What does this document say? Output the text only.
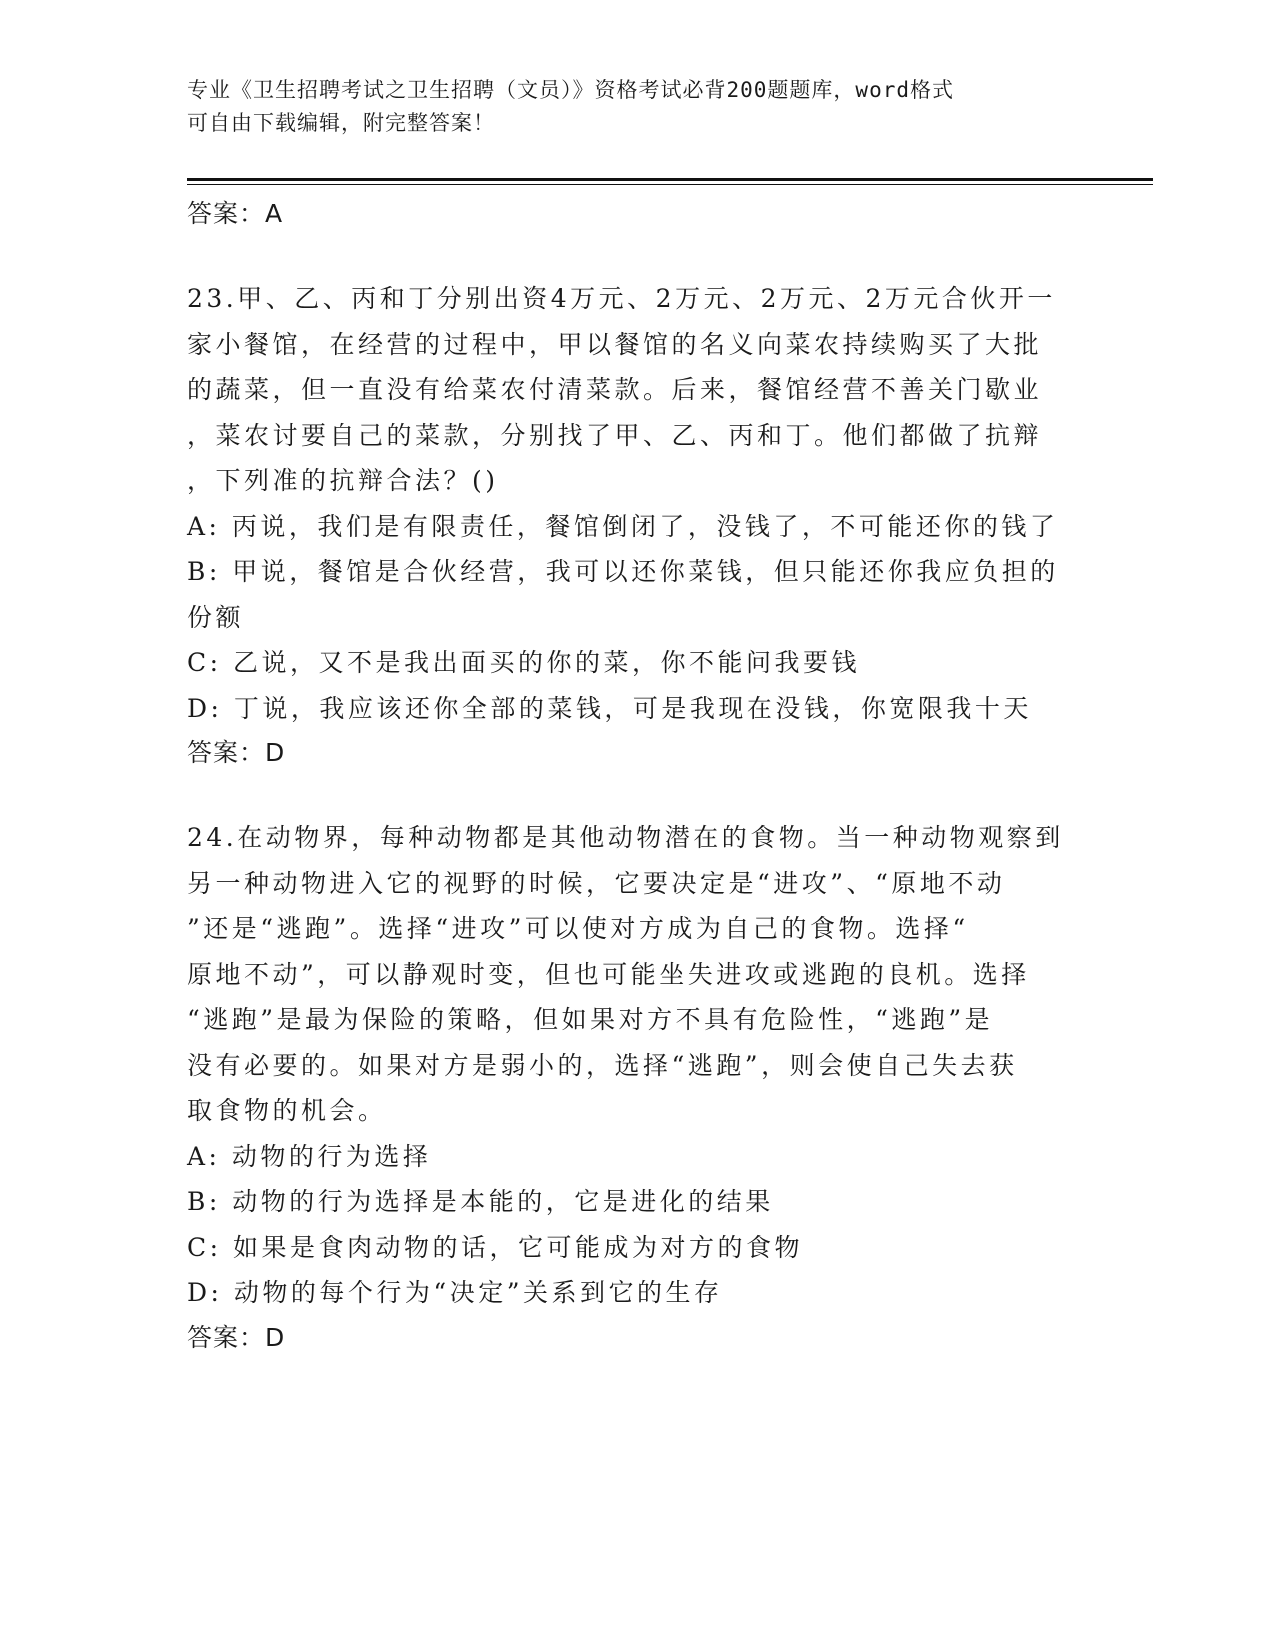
专业《卫生招聘考试之卫生招聘（文员）》资格考试必背200题题库，word格式
可自由下载编辑，附完整答案！
答案：A
23.甲、乙、丙和丁分别出资4万元、2万元、2万元、2万元合伙开一
家小餐馆，在经营的过程中，甲以餐馆的名义向菜农持续购买了大批
的蔬菜，但一直没有给菜农付清菜款。后来，餐馆经营不善关门歇业
，菜农讨要自己的菜款，分别找了甲、乙、丙和丁。他们都做了抗辩
，下列准的抗辩合法？()
A: 丙说，我们是有限责任，餐馆倒闭了，没钱了，不可能还你的钱了
B: 甲说，餐馆是合伙经营，我可以还你菜钱，但只能还你我应负担的
份额
C: 乙说，又不是我出面买的你的菜，你不能问我要钱
D: 丁说，我应该还你全部的菜钱，可是我现在没钱，你宽限我十天
答案：D
24.在动物界，每种动物都是其他动物潜在的食物。当一种动物观察到
另一种动物进入它的视野的时候，它要决定是“进攻”、“原地不动
”还是“逃跑”。选择“进攻”可以使对方成为自己的食物。选择“
原地不动”，可以静观时变，但也可能坐失进攻或逃跑的良机。选择
“逃跑”是最为保险的策略，但如果对方不具有危险性，“逃跑”是
没有必要的。如果对方是弱小的，选择“逃跑”，则会使自己失去获
取食物的机会。
A: 动物的行为选择
B: 动物的行为选择是本能的，它是进化的结果
C: 如果是食肉动物的话，它可能成为对方的食物
D: 动物的每个行为“决定”关系到它的生存
答案：D
